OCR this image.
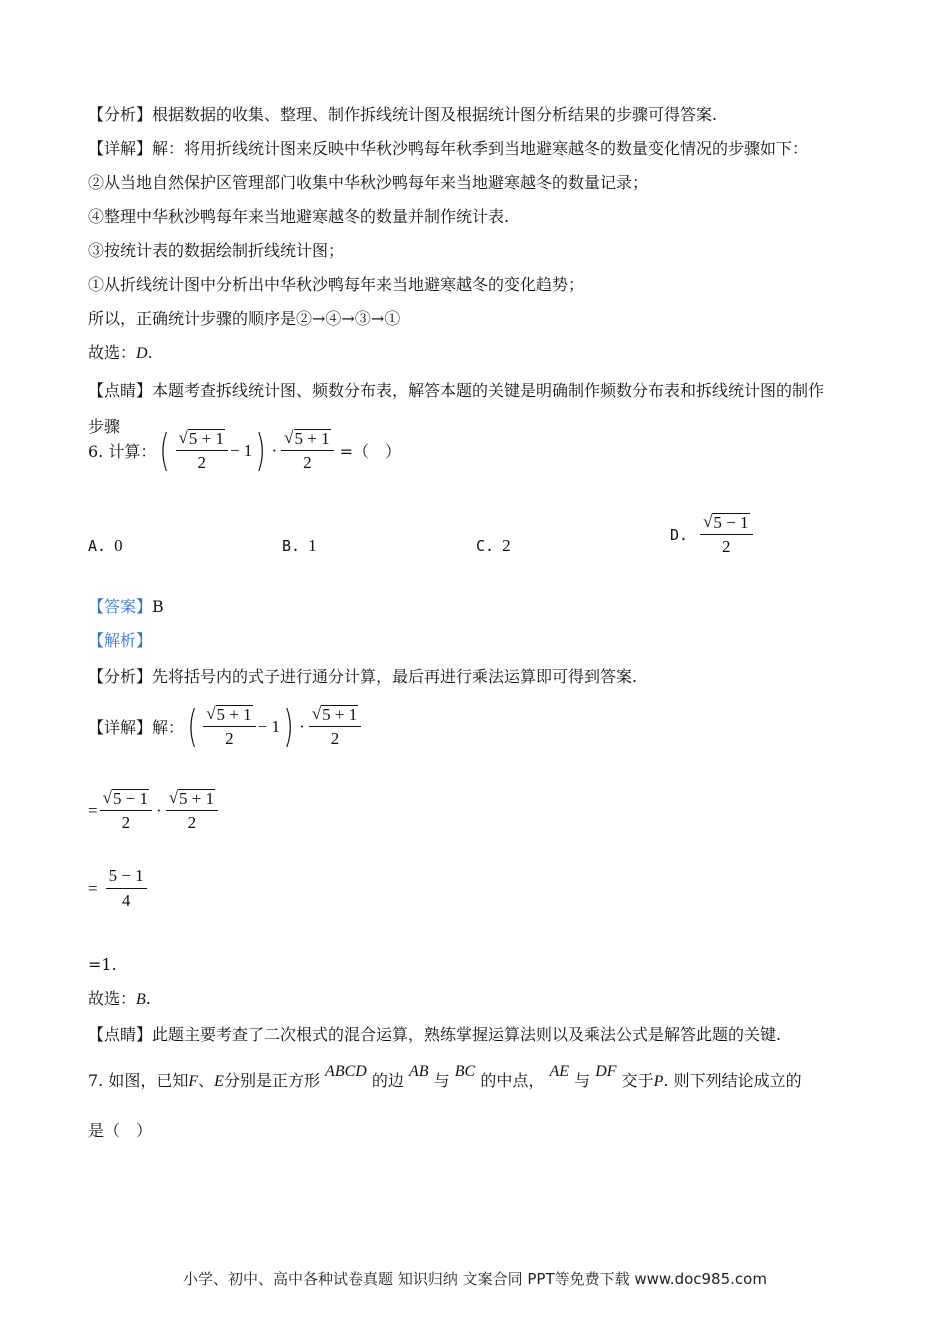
【分析】根据数据的收集、整理、制作拆线统计图及根据统计图分析结果的步骤可得答案.
【详解】解：将用折线统计图来反映中华秋沙鸭每年秋季到当地避寒越冬的数量变化情况的步骤如下：
②从当地自然保护区管理部门收集中华秋沙鸭每年来当地避寒越冬的数量记录；
④整理中华秋沙鸭每年来当地避寒越冬的数量并制作统计表.
③按统计表的数据绘制折线统计图；
①从折线统计图中分析出中华秋沙鸭每年来当地避寒越冬的变化趋势；
所以，正确统计步骤的顺序是②→④→③→①
故选：D.
【点睛】本题考查拆线统计图、频数分布表，解答本题的关键是明确制作频数分布表和拆线统计图的制作
步骤
6. 计算： ( $\frac{√ 5 + 1}{2} - 1$ ) · $\frac{√ 5 + 1}{2}$ =（　）
A. 0	B. 1	C. 2
D. $\frac{√ 5 - 1}{2}$
【答案】B
【解析】
【分析】先将括号内的式子进行通分计算，最后再进行乘法运算即可得到答案.
【详解】解： ( $\frac{√ 5 + 1}{2} - 1$ ) · $\frac{√ 5 + 1}{2}$
= $\frac{√ 5 - 1}{2} \cdot \frac{√ 5 + 1}{2}$
= $\frac{5 - 1}{4}$
=1.
故选：B.
【点睛】此题主要考查了二次根式的混合运算，熟练掌握运算法则以及乘法公式是解答此题的关键.
7. 如图，已知F、E分别是正方形 ABCD 的边 AB 与 BC 的中点， AE 与 DF 交于P. 则下列结论成立的
是（　）
小学、初中、高中各种试卷真题 知识归纳 文案合同 PPT等免费下载 www.doc985.com
